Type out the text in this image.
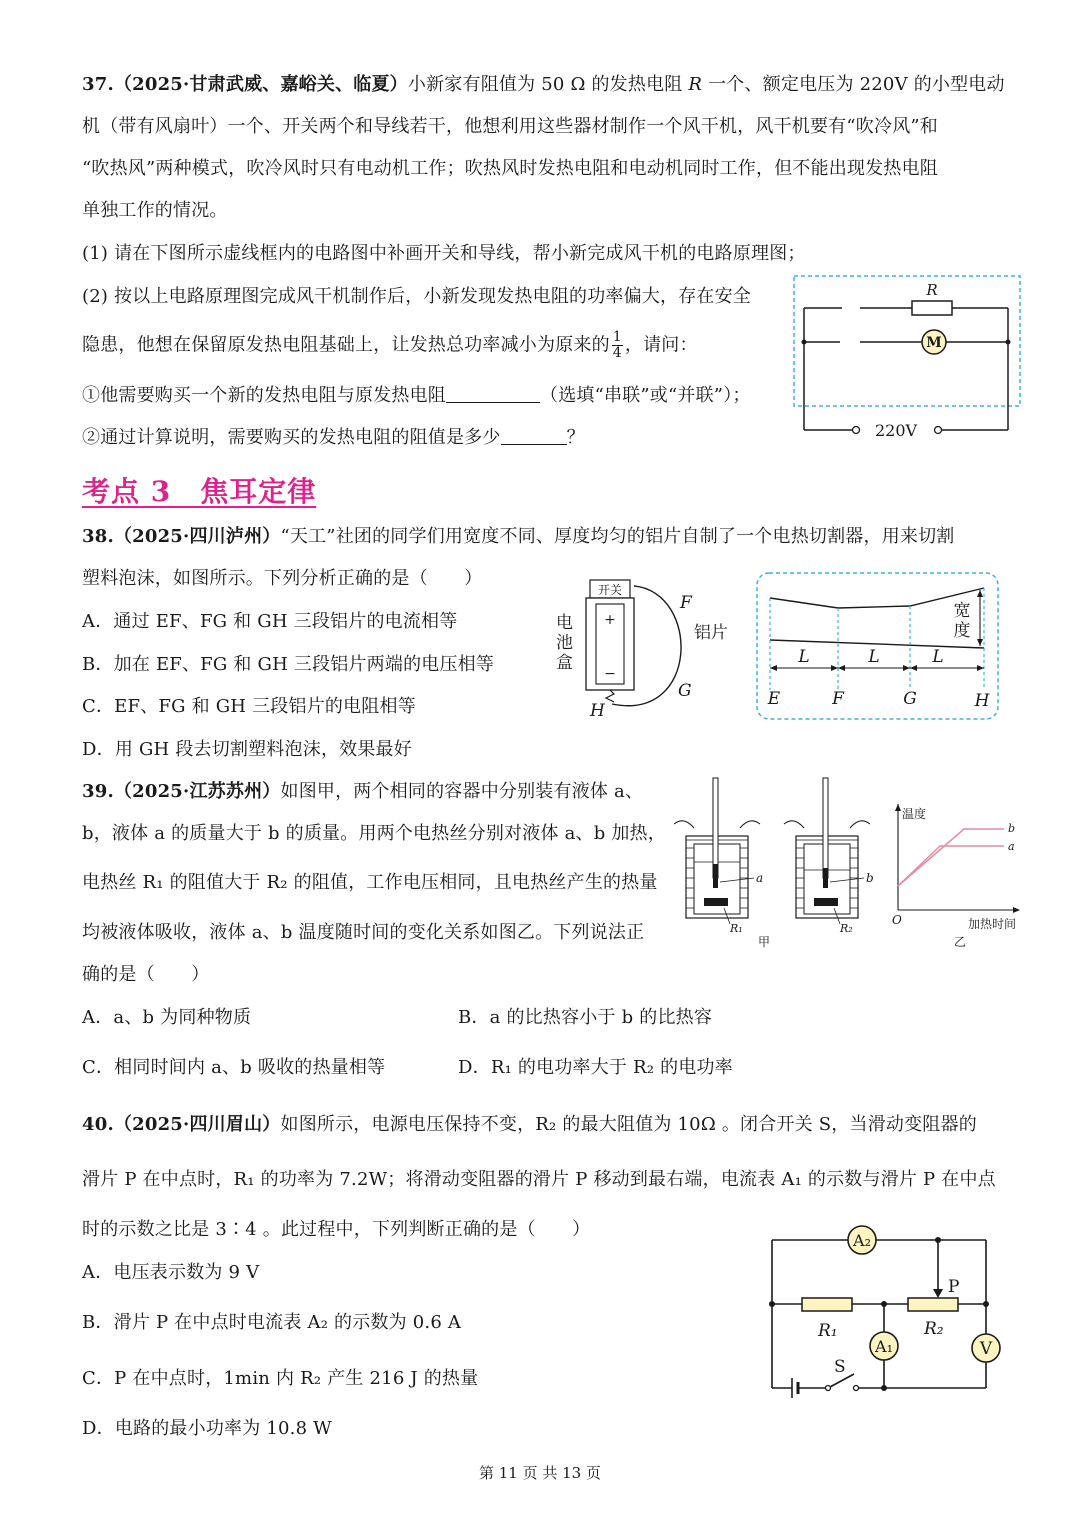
37.（2025·甘肃武威、嘉峪关、临夏）小新家有阻值为 50 Ω 的发热电阻 R 一个、额定电压为 220V 的小型电动
机（带有风扇叶）一个、开关两个和导线若干，他想利用这些器材制作一个风干机，风干机要有“吹冷风”和
“吹热风”两种模式，吹冷风时只有电动机工作；吹热风时发热电阻和电动机同时工作，但不能出现发热电阻
单独工作的情况。
(1) 请在下图所示虚线框内的电路图中补画开关和导线，帮小新完成风干机的电路原理图；
(2) 按以上电路原理图完成风干机制作后，小新发现发热电阻的功率偏大，存在安全
隐患，他想在保留原发热电阻基础上，让发热总功率减小为原来的 $\frac{1}{4}$ ，请问：
①他需要购买一个新的发热电阻与原发热电阻	（选填“串联”或“并联”）；
②通过计算说明，需要购买的发热电阻的阻值是多少	？
R
M
220V
考点 3　焦耳定律
38.（2025·四川泸州）“天工”社团的同学们用宽度不同、厚度均匀的铝片自制了一个电热切割器，用来切割
塑料泡沫，如图所示。下列分析正确的是（　　）
A．通过 EF、FG 和 GH 三段铝片的电流相等
B．加在 EF、FG 和 GH 三段铝片两端的电压相等
C．EF、FG 和 GH 三段铝片的电阻相等
D．用 GH 段去切割塑料泡沫，效果最好
开关
+
−
电
池
盒
F
G
H
铝片
L	L	L
宽
度
E	F	G	H
39.（2025·江苏苏州）如图甲，两个相同的容器中分别装有液体 a、
b，液体 a 的质量大于 b 的质量。用两个电热丝分别对液体 a、b 加热，
电热丝 R₁ 的阻值大于 R₂ 的阻值，工作电压相同，且电热丝产生的热量
均被液体吸收，液体 a、b 温度随时间的变化关系如图乙。下列说法正
确的是（　　）
A．a、b 为同种物质	B．a 的比热容小于 b 的比热容
C．相同时间内 a、b 吸收的热量相等	D．R₁ 的电功率大于 R₂ 的电功率
a
R₁
甲
b
R₂
温度
b
a
O	加热时间
乙
40.（2025·四川眉山）如图所示，电源电压保持不变，R₂ 的最大阻值为 10Ω 。闭合开关 S，当滑动变阻器的
滑片 P 在中点时，R₁ 的功率为 7.2W；将滑动变阻器的滑片 P 移动到最右端，电流表 A₁ 的示数与滑片 P 在中点
时的示数之比是 3∶4 。此过程中，下列判断正确的是（　　）
A．电压表示数为 9 V
B．滑片 P 在中点时电流表 A₂ 的示数为 0.6 A
C．P 在中点时，1min 内 R₂ 产生 216 J 的热量
D．电路的最小功率为 10.8 W
A₂
V
P
R₁	R₂
A₁
S
第 11 页 共 13 页
